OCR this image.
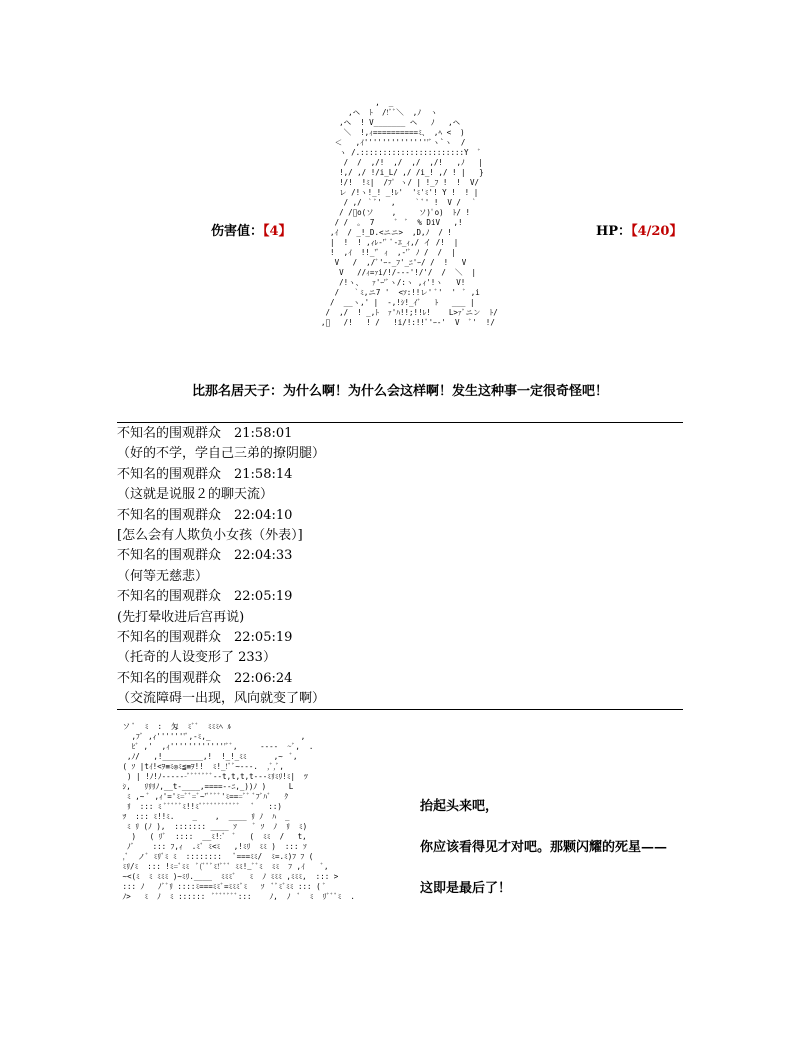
伤害值：【4】	HP：【4/20】
,  _
,ヘ  ﾄ  /!ﾞﾞ＼  ,ﾉ  ヽ
,へ  ! V_______ ヘ   ﾉ   ,ヘ
＼  !,ｨ==========ﾐ、 ,ﾍ <  )
＜   ,ｲ'''''''''''''''ﾞヽ`ヽ  /
ヽ /.:::::::::::::::::::::::Y  ﾞ
/  /  ,/!  ,/  ,/  ,/!   ,ﾉ   |
!,/ ,/ !/i_L/ ,/ /i_! ,/ ! |   }
!/!  !ﾐ|  /ﾌﾟ ヽ/ | !_ﾌ !  !  V/
レ /!ヽ!_! _!ﾚ'  'ﾐ'ﾐ'! Y !  ! |
/ ,/ ｀ﾞ'  ,    ｀ﾞ' !  V /  ｀
/ /ﾞo(ソ    ,     ソ)ﾟo)  ﾄ/ !
/ /  ｡  7     ﾞ  ﾞ  % DiV   ,!
,ｲ  / _!_D.<ニニ>  ,D,ﾉ  / !
|  !  ! ,ｨﾚ-'ﾞ ﾞ-ｴ_ｨ,/ イ /!  |
!  ,ｲ  !!_'ﾞ ｨ  ,-'ﾞ ﾉ /  /  |
V   /  ,/ﾞ'ｰ-_ﾌ'_ﾆ'ｰ/ /  !   V
V   //ｨ=ｧi/!/---'!/'/  /  ＼  |
/!ヽ、  ｧ'ｰ'ﾞヽ/:ヽ ,ｨ'!ヽ   V!
/   ｀ﾐ,ニ7 '  <ｿ:!!レ' ﾞ'  '  ﾞ ,i
/  __ヽ,' |  -,!ｼ!_ｲﾞ   ﾄ   ___ |
/  ,/  ! _,ﾄ  ｧ'ﾊ!!;!!ﾚ!    L>ｧﾞニン  ﾄ/
,ﾞ   /!   ! /   !i/!:!!ﾞ'ｰ-'  V  ﾞ'  !/
比那名居天子：为什么啊！为什么会这样啊！发生这种事一定很奇怪吧！
不知名的围观群众　21:58:01
（好的不学，学自己三弟的撩阴腿）
不知名的围观群众　21:58:14
（这就是说服２的聊天流）
不知名的围观群众　22:04:10
[怎么会有人欺负小女孩（外表）]
不知名的围观群众　22:04:33
（何等无慈悲）
不知名的围观群众　22:05:19
(先打晕收进后宫再说)
不知名的围观群众　22:05:19
（托奇的人设变形了 233）
不知名的围观群众　22:06:24
（交流障碍一出现，风向就变了啊）
ソ ﾞ  ﾐ  :  匁  ﾐﾞﾞ  ﾐﾐﾐﾍ ﾙ
,ﾌﾞ ,ｨ'''''''ﾞ,-ﾐ,_                    ,
ﾋﾞ ,'  ,ｨ'''''''''''''ﾞﾞ,     ----  ~ﾞ,  .
,ﾉ/   ,!_________,!  !_!_ﾐﾐ      ,~  ﾞ,
( ｿ |tｲ!<ｦ≡ﾐ◎ﾐ≦≡ｦ!!  ﾐ!_!ﾞﾞ~---.  ,ﾞ,ﾞ,
) | !ﾉ!ﾉ------ﾞﾞﾞﾞﾞﾞﾞ--t,t,t,t---ﾐﾘﾐﾘ!ﾐ|  ﾂ
ｼ,   ﾘﾘﾘﾉ,__t-____,====--ﾆ,_))ﾉ )     L
ﾐ ,~ ﾞ ,ｨ'='ﾐ=ﾞﾞ=ﾞ~'ﾞﾞﾞﾞ'ﾐ===ﾞﾞ ﾞﾌﾞﾊﾞ   ｸ
ﾘ  ::: ﾐ ﾞﾞﾞﾞﾞﾐ!!ﾐﾞﾞﾞﾞﾞﾞﾞﾞﾞﾞﾞ   ﾞ   ::)
ﾂ  ::: ﾐ!!ﾐ.    _    ,  ____ ﾘ ﾉ  ﾊ  _
ﾐ ﾘ (ﾉ ),  ::::::: ____ ｿ    ﾞ ｿ  ﾉ  ﾘ  ﾐ)
)   ( ﾘﾞ  ::::  __ﾐ!:ﾞ  ﾞ   (  ﾐﾐ  /   t,
ﾉﾞ    ::: ﾌ,ｨ  .ﾐﾞ ﾐ<ﾐ   ,!ﾐﾘ  ﾐﾐ )  ::: ｿ
,ﾞ  ノﾞ ﾐﾘﾞﾐ ﾐ  ::::::::   ﾞ===ﾐﾐ/  ﾐ=.ﾐ)ﾌ ﾌ (
ﾐﾘ/ﾐ  ::: !ﾐ=ﾞﾐﾐ  ﾞ(ﾞﾞﾞﾐ!ﾞﾞﾞ ﾐﾐ!_ﾞﾞﾐ  ﾐﾐ  ﾌ ,ｲ    ﾞ,
~<(ﾐ  ﾐ ﾐﾐﾐ )~ﾐﾘ.____  ﾐﾐﾐﾞ   ﾐ  ﾉ ﾐﾐﾐ ,ﾐﾐﾐ,  ::: >
::: ﾉ   ﾉﾞﾞﾘ ::::ﾐ===ﾐﾐﾞ=ﾐﾐﾐﾞﾐ   ｿ  ﾞﾞﾐﾞﾐﾐ ::: ( ﾞ
ﾉ>   ﾐ  ﾉ  ﾐ ::::::  ﾞﾞﾞﾞﾞﾞﾞ:::    ﾉ,  ﾉ  ﾞ  ﾐ  ﾘﾞﾞﾞﾐ  .
抬起头来吧，
你应该看得见才对吧。那颗闪耀的死星——
这即是最后了！
